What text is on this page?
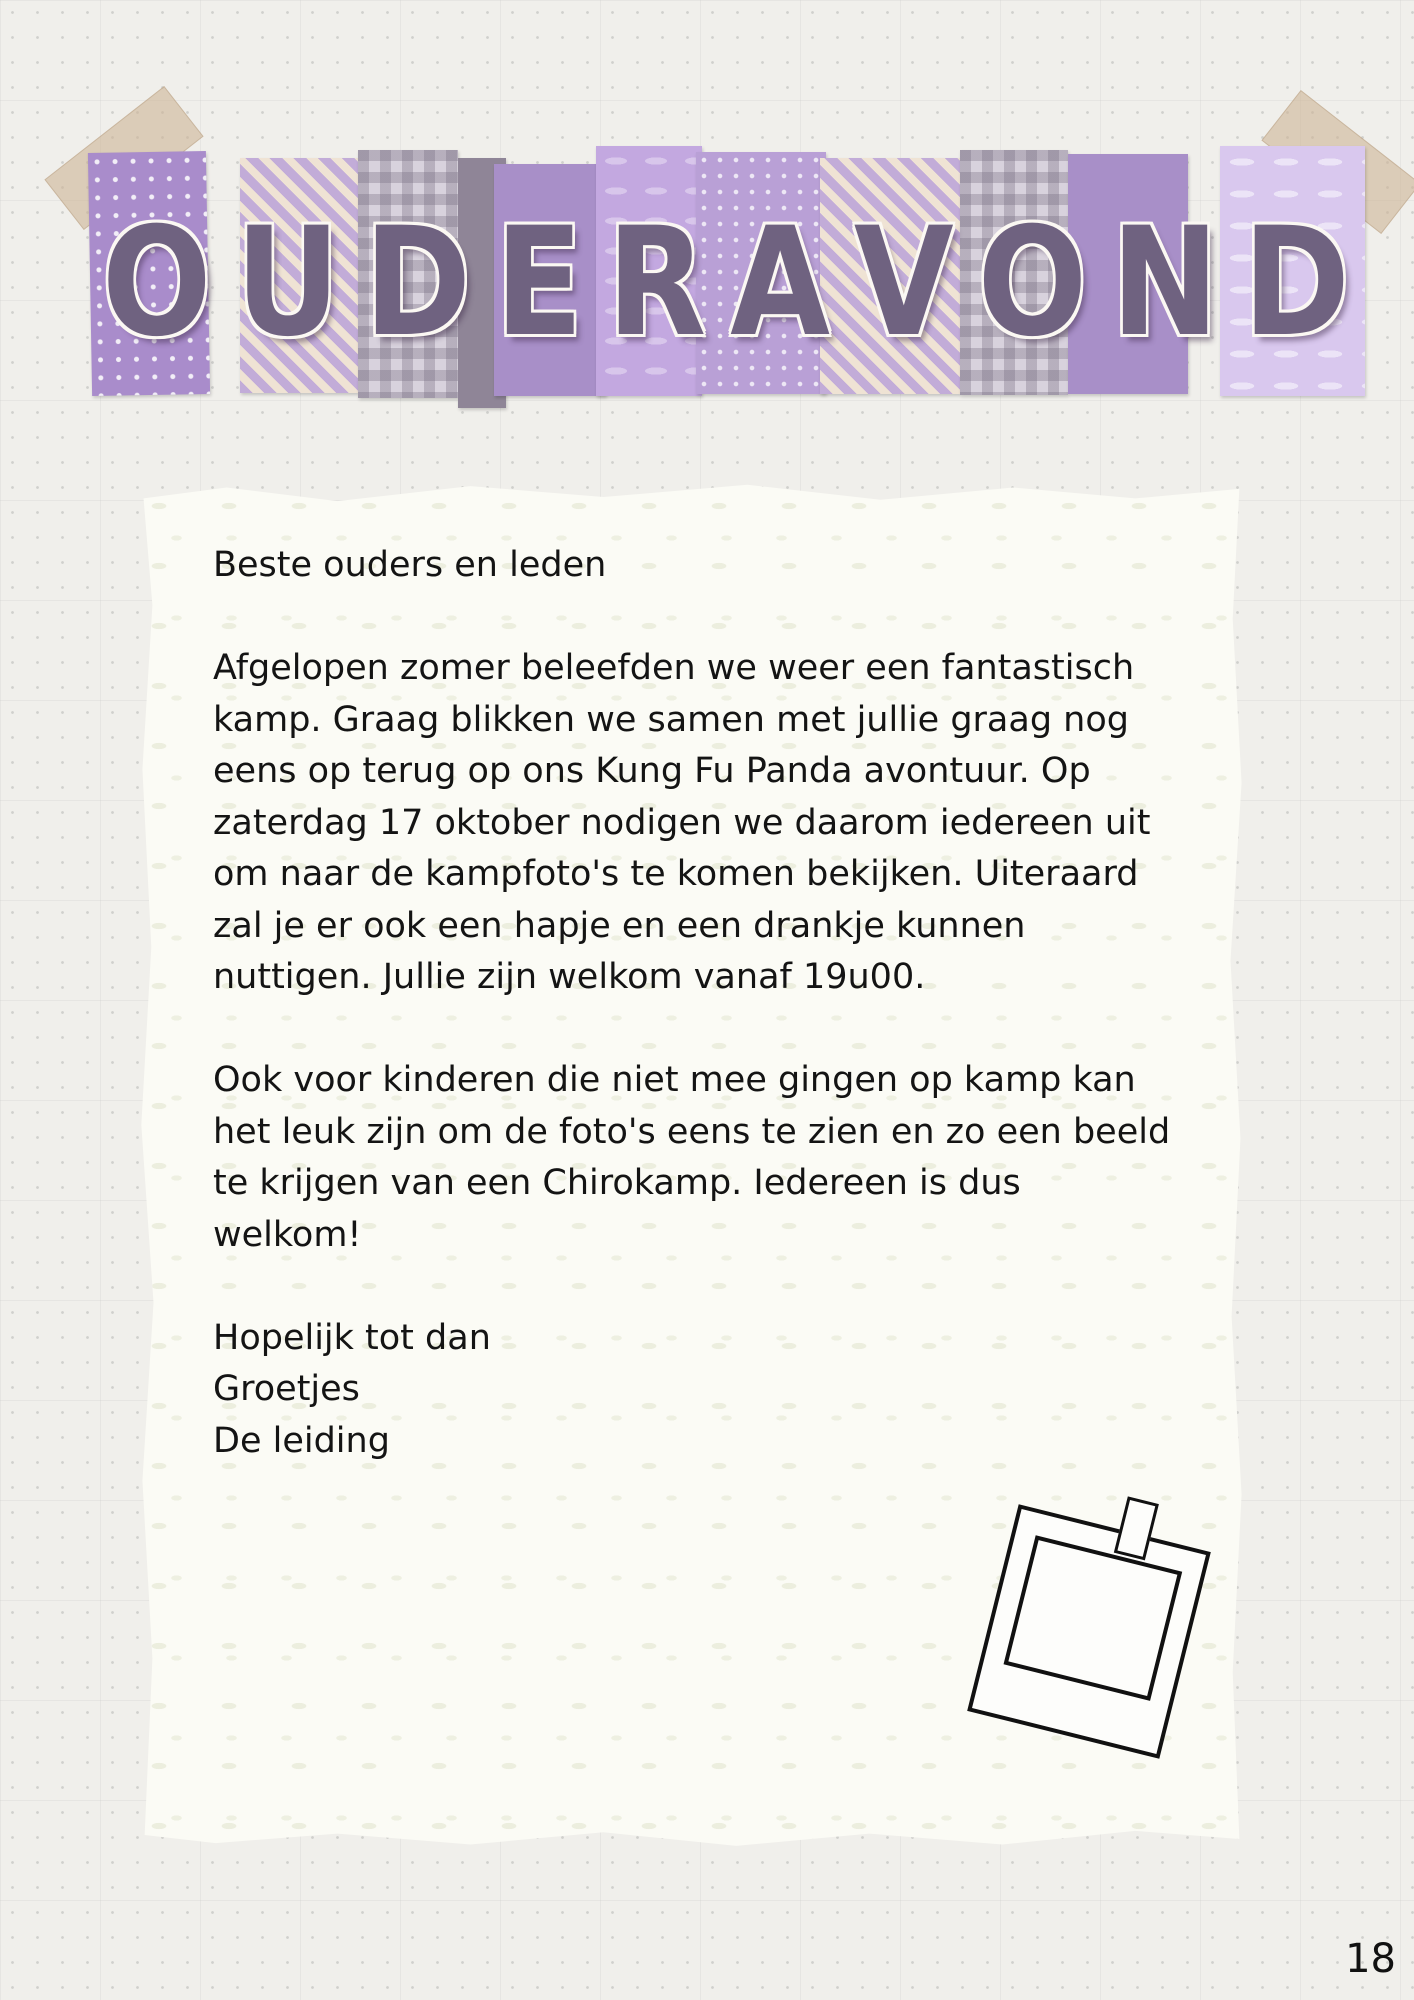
O U D E R A V O N D

Beste ouders en leden

Afgelopen zomer beleefden we weer een fantastisch kamp. Graag blikken we samen met jullie graag nog eens op terug op ons Kung Fu Panda avontuur. Op zaterdag 17 oktober nodigen we daarom iedereen uit om naar de kampfoto's te komen bekijken. Uiteraard zal je er ook een hapje en een drankje kunnen nuttigen. Jullie zijn welkom vanaf 19u00.

Ook voor kinderen die niet mee gingen op kamp kan het leuk zijn om de foto's eens te zien en zo een beeld te krijgen van een Chirokamp. Iedereen is dus welkom!

Hopelijk tot dan

Groetjes

De leiding

18
